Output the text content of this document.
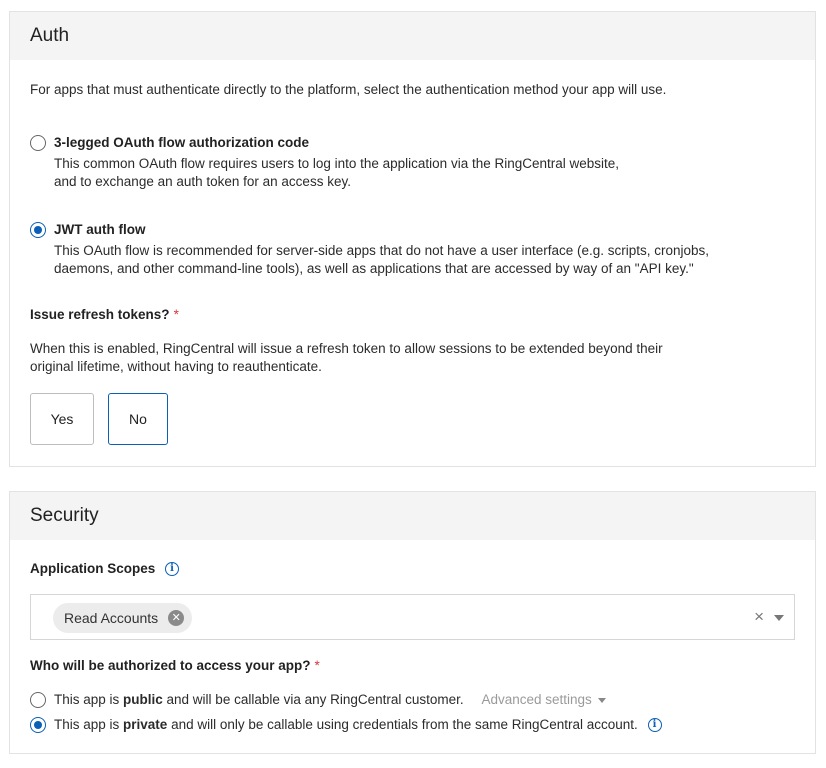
Auth
For apps that must authenticate directly to the platform, select the authentication method your app will use.
3-legged OAuth flow authorization code
This common OAuth flow requires users to log into the application via the RingCentral website,
and to exchange an auth token for an access key.
JWT auth flow
This OAuth flow is recommended for server-side apps that do not have a user interface (e.g. scripts, cronjobs,
daemons, and other command-line tools), as well as applications that are accessed by way of an "API key."
Issue refresh tokens? *
When this is enabled, RingCentral will issue a refresh token to allow sessions to be extended beyond their
original lifetime, without having to reauthenticate.
Yes	No
Security
Application Scopes i
Read Accounts	✕	×
Who will be authorized to access your app? *
This app is public and will be callable via any RingCentral customer. Advanced settings
This app is private and will only be callable using credentials from the same RingCentral account. i
